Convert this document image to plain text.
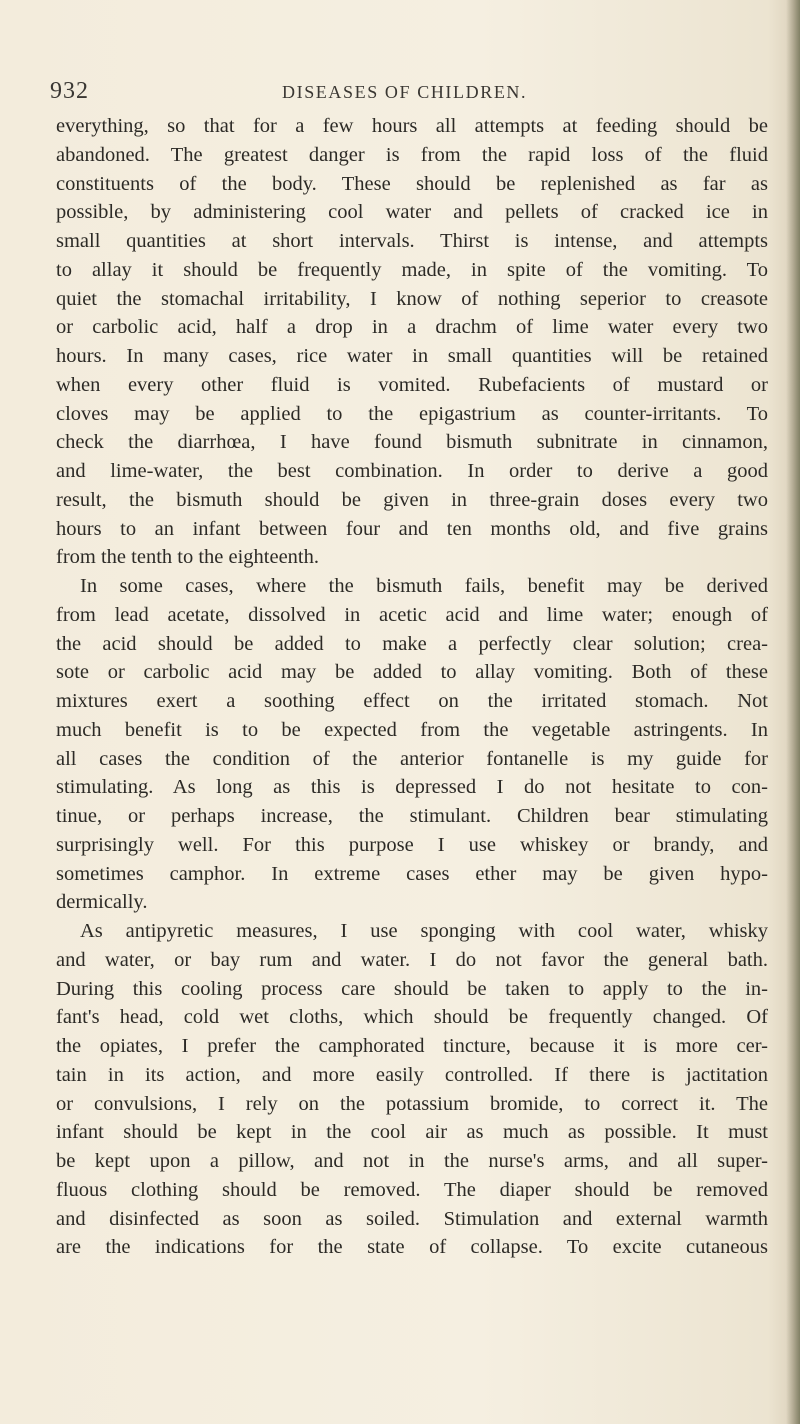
932	DISEASES OF CHILDREN.
everything, so that for a few hours all attempts at feeding should be
abandoned. The greatest danger is from the rapid loss of the fluid
constituents of the body. These should be replenished as far as
possible, by administering cool water and pellets of cracked ice in
small quantities at short intervals. Thirst is intense, and attempts
to allay it should be frequently made, in spite of the vomiting. To
quiet the stomachal irritability, I know of nothing seperior to creasote
or carbolic acid, half a drop in a drachm of lime water every two
hours. In many cases, rice water in small quantities will be retained
when every other fluid is vomited. Rubefacients of mustard or
cloves may be applied to the epigastrium as counter-irritants. To
check the diarrhœa, I have found bismuth subnitrate in cinnamon,
and lime-water, the best combination. In order to derive a good
result, the bismuth should be given in three-grain doses every two
hours to an infant between four and ten months old, and five grains
from the tenth to the eighteenth.
In some cases, where the bismuth fails, benefit may be derived
from lead acetate, dissolved in acetic acid and lime water; enough of
the acid should be added to make a perfectly clear solution; crea-
sote or carbolic acid may be added to allay vomiting. Both of these
mixtures exert a soothing effect on the irritated stomach. Not
much benefit is to be expected from the vegetable astringents. In
all cases the condition of the anterior fontanelle is my guide for
stimulating. As long as this is depressed I do not hesitate to con-
tinue, or perhaps increase, the stimulant. Children bear stimulating
surprisingly well. For this purpose I use whiskey or brandy, and
sometimes camphor. In extreme cases ether may be given hypo-
dermically.
As antipyretic measures, I use sponging with cool water, whisky
and water, or bay rum and water. I do not favor the general bath.
During this cooling process care should be taken to apply to the in-
fant's head, cold wet cloths, which should be frequently changed. Of
the opiates, I prefer the camphorated tincture, because it is more cer-
tain in its action, and more easily controlled. If there is jactitation
or convulsions, I rely on the potassium bromide, to correct it. The
infant should be kept in the cool air as much as possible. It must
be kept upon a pillow, and not in the nurse's arms, and all super-
fluous clothing should be removed. The diaper should be removed
and disinfected as soon as soiled. Stimulation and external warmth
are the indications for the state of collapse. To excite cutaneous
